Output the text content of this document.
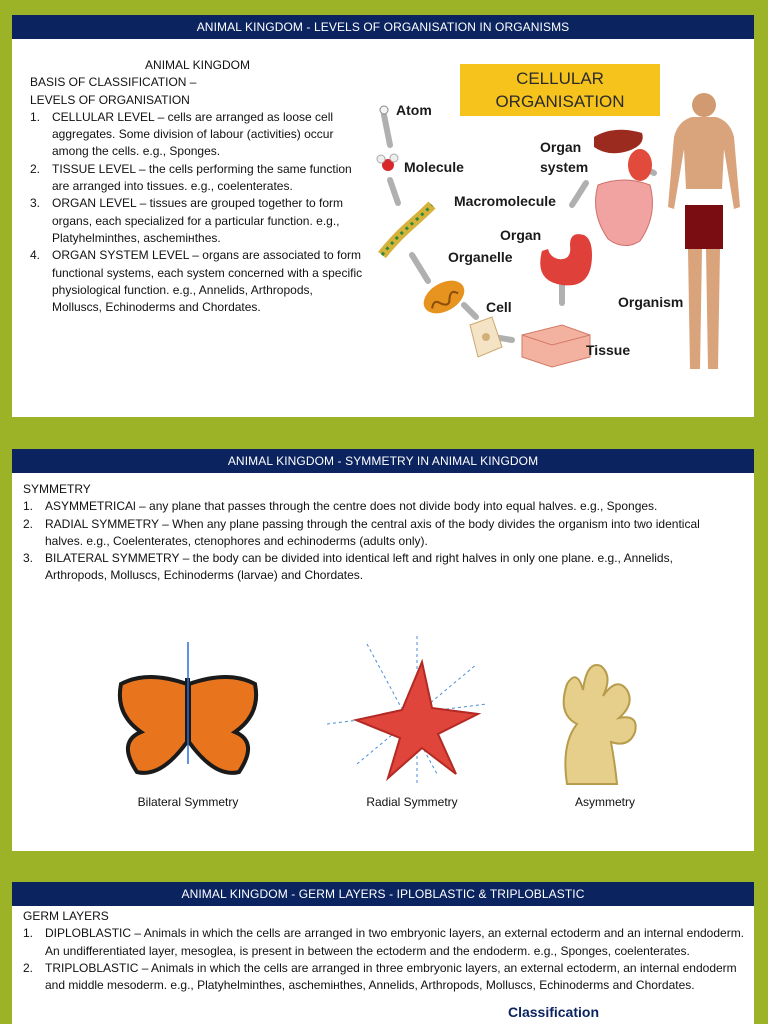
ANIMAL KINGDOM - LEVELS OF ORGANISATION IN ORGANISMS
ANIMAL KINGDOM
BASIS OF CLASSIFICATION –
LEVELS OF ORGANISATION
1. CELLULAR LEVEL – cells are arranged as loose cell aggregates. Some division of labour (activities) occur among the cells. e.g., Sponges.
2. TISSUE LEVEL – the cells performing the same function are arranged into tissues. e.g., coelenterates.
3. ORGAN LEVEL – tissues are grouped together to form organs, each specialized for a particular function. e.g., Platyhelminthes, aschemінthes.
4. ORGAN SYSTEM LEVEL – organs are associated to form functional systems, each system concerned with a specific physiological function. e.g., Annelids, Arthropods, Molluscs, Echinoderms and Chordates.
CELLULAR
ORGANISATION
Atom
Molecule
Macromolecule
Organelle
Cell
Tissue
Organ
Organ
system
Organism
ANIMAL KINGDOM - SYMMETRY IN ANIMAL KINGDOM
SYMMETRY
1. ASYMMETRICAl – any plane that passes through the centre does not divide body into equal halves. e.g., Sponges.
2. RADIAL SYMMETRY – When any plane passing through the central axis of the body divides the organism into two identical halves. e.g., Coelenterates, ctenophores and echinoderms (adults only).
3. BILATERAL SYMMETRY – the body can be divided into identical left and right halves in only one plane. e.g., Annelids, Arthropods, Molluscs, Echinoderms (larvae) and Chordates.
Bilateral Symmetry	Radial Symmetry	Asymmetry
ANIMAL KINGDOM - GERM LAYERS - IPLOBLASTIC & TRIPLOBLASTIC
GERM LAYERS
1. DIPLOBLASTIC – Animals in which the cells are arranged in two embryonic layers, an external ectoderm and an internal endoderm. An undifferentiated layer, mesoglea, is present in between the ectoderm and the endoderm. e.g., Sponges, coelenterates.
2. TRIPLOBLASTIC – Animals in which the cells are arranged in three embryonic layers, an external ectoderm, an internal endoderm and middle mesoderm. e.g., Platyhelminthes, aschemінthes, Annelids, Arthropods, Molluscs, Echinoderms and Chordates.
Classification
